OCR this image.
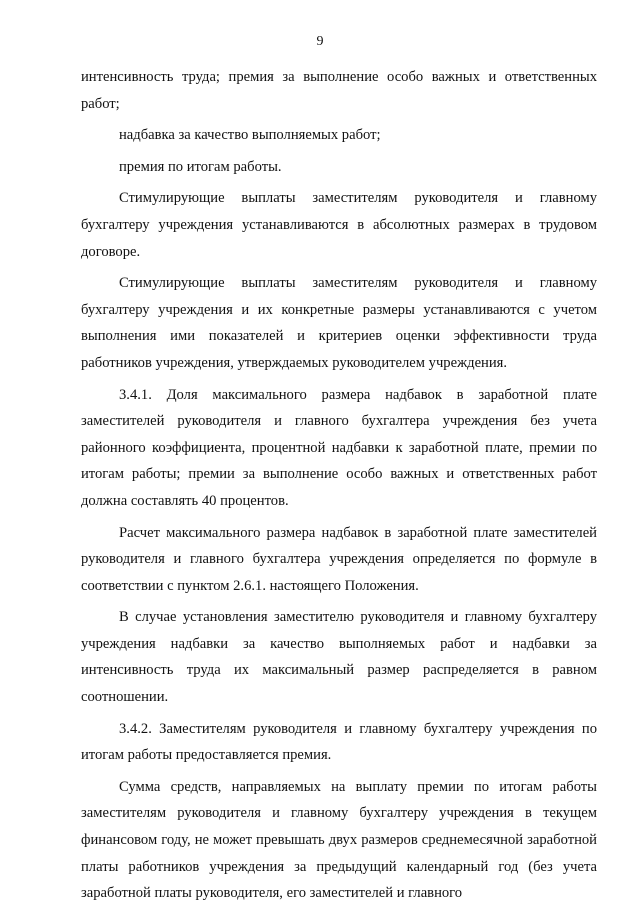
9

интенсивность труда; премия за выполнение особо важных и ответственных работ;

надбавка за качество выполняемых работ;

премия по итогам работы.

Стимулирующие выплаты заместителям руководителя и главному бухгалтеру учреждения устанавливаются в абсолютных размерах в трудовом договоре.

Стимулирующие выплаты заместителям руководителя и главному бухгалтеру учреждения и их конкретные размеры устанавливаются с учетом выполнения ими показателей и критериев оценки эффективности труда работников учреждения, утверждаемых руководителем учреждения.

3.4.1. Доля максимального размера надбавок в заработной плате заместителей руководителя и главного бухгалтера учреждения без учета районного коэффициента, процентной надбавки к заработной плате, премии по итогам работы; премии за выполнение особо важных и ответственных работ должна составлять 40 процентов.

Расчет максимального размера надбавок в заработной плате заместителей руководителя и главного бухгалтера учреждения определяется по формуле в соответствии с пунктом 2.6.1. настоящего Положения.

В случае установления заместителю руководителя и главному бухгалтеру учреждения надбавки за качество выполняемых работ и надбавки за интенсивность труда их максимальный размер распределяется в равном соотношении.

3.4.2. Заместителям руководителя и главному бухгалтеру учреждения по итогам работы предоставляется премия.

Сумма средств, направляемых на выплату премии по итогам работы заместителям руководителя и главному бухгалтеру учреждения в текущем финансовом году, не может превышать двух размеров среднемесячной заработной платы работников учреждения за предыдущий календарный год (без учета заработной платы руководителя, его заместителей и главного
